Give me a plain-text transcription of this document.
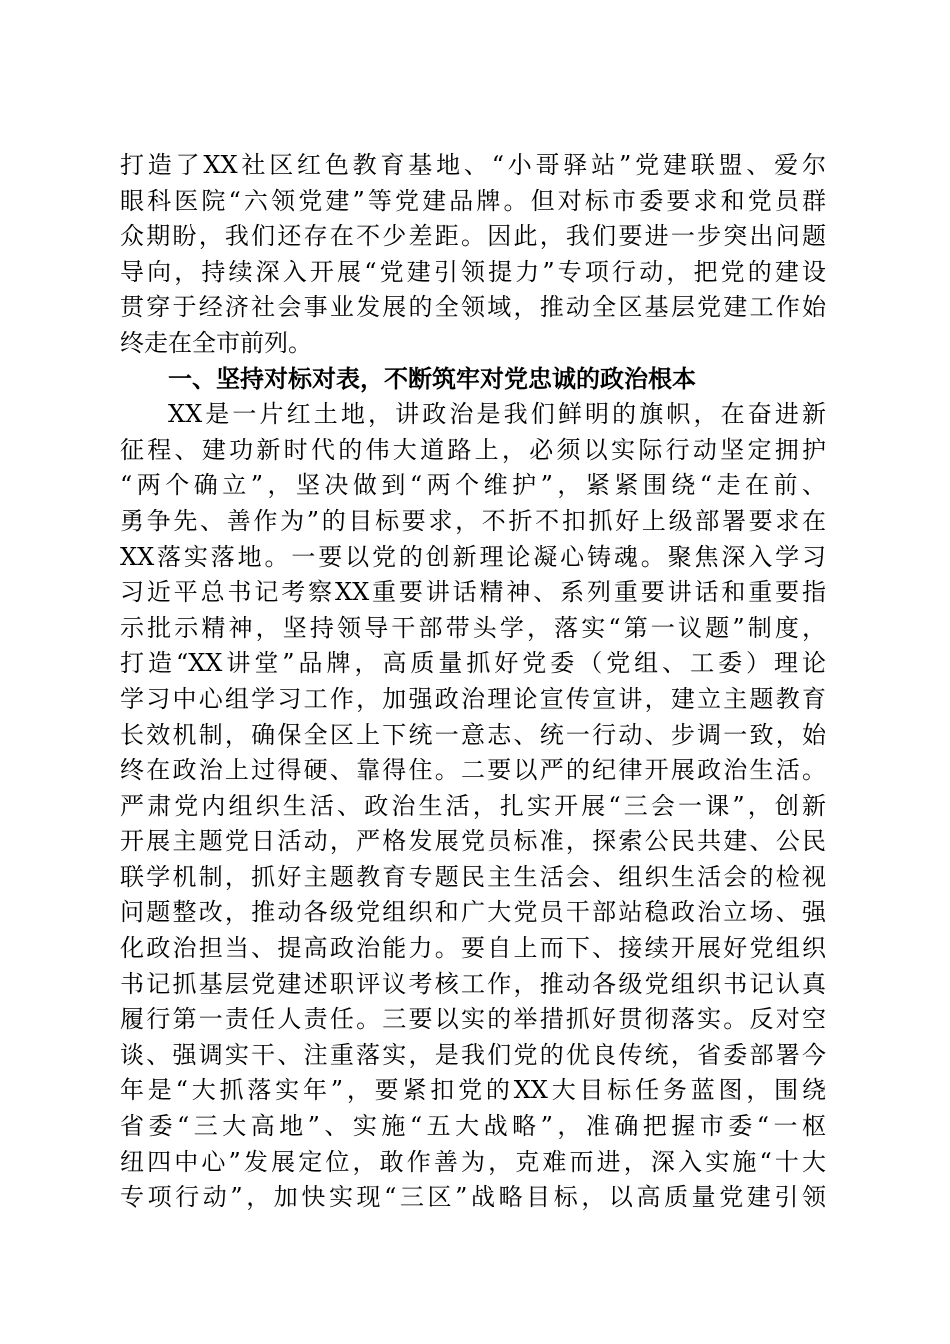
打造了XX社区红色教育基地、“小哥驿站”党建联盟、爱尔
眼科医院“六领党建”等党建品牌。但对标市委要求和党员群
众期盼，我们还存在不少差距。因此，我们要进一步突出问题
导向，持续深入开展“党建引领提力”专项行动，把党的建设
贯穿于经济社会事业发展的全领域，推动全区基层党建工作始
终走在全市前列。
一、坚持对标对表，不断筑牢对党忠诚的政治根本
XX是一片红土地，讲政治是我们鲜明的旗帜，在奋进新
征程、建功新时代的伟大道路上，必须以实际行动坚定拥护
“两个确立”，坚决做到“两个维护”，紧紧围绕“走在前、
勇争先、善作为”的目标要求，不折不扣抓好上级部署要求在
XX落实落地。一要以党的创新理论凝心铸魂。聚焦深入学习
习近平总书记考察XX重要讲话精神、系列重要讲话和重要指
示批示精神，坚持领导干部带头学，落实“第一议题”制度，
打造“XX讲堂”品牌，高质量抓好党委（党组、工委）理论
学习中心组学习工作，加强政治理论宣传宣讲，建立主题教育
长效机制，确保全区上下统一意志、统一行动、步调一致，始
终在政治上过得硬、靠得住。二要以严的纪律开展政治生活。
严肃党内组织生活、政治生活，扎实开展“三会一课”，创新
开展主题党日活动，严格发展党员标准，探索公民共建、公民
联学机制，抓好主题教育专题民主生活会、组织生活会的检视
问题整改，推动各级党组织和广大党员干部站稳政治立场、强
化政治担当、提高政治能力。要自上而下、接续开展好党组织
书记抓基层党建述职评议考核工作，推动各级党组织书记认真
履行第一责任人责任。三要以实的举措抓好贯彻落实。反对空
谈、强调实干、注重落实，是我们党的优良传统，省委部署今
年是“大抓落实年”，要紧扣党的XX大目标任务蓝图，围绕
省委“三大高地”、实施“五大战略”，准确把握市委“一枢
纽四中心”发展定位，敢作善为，克难而进，深入实施“十大
专项行动”，加快实现“三区”战略目标，以高质量党建引领
